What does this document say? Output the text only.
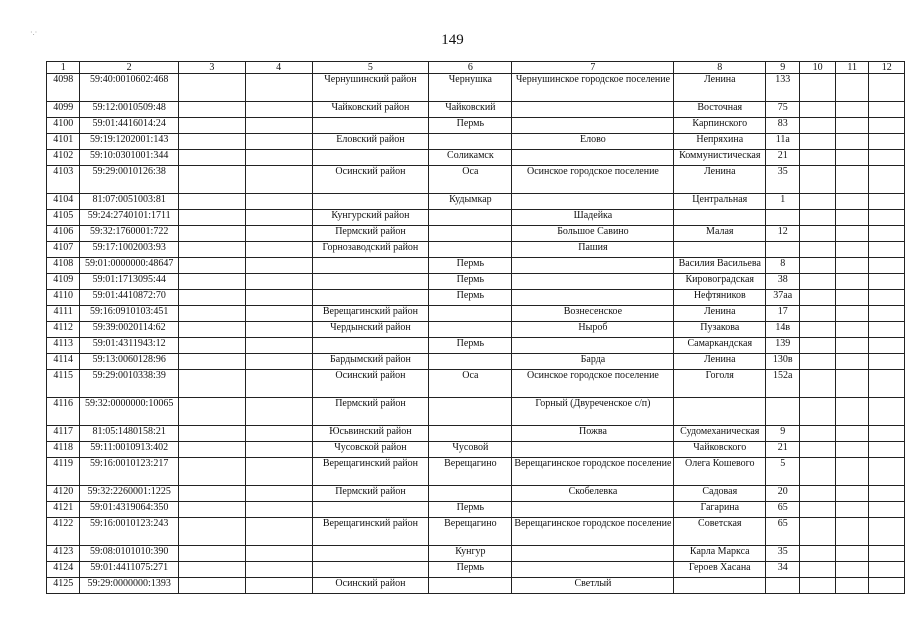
·.·	149
1	2	3	4	5	6	7	8	9	10	11	12
4098	59:40:0010602:468			Чернушинский район	Чернушка	Чернушинское городское поселение	Ленина	133			
4099	59:12:0010509:48			Чайковский район	Чайковский		Восточная	75			
4100	59:01:4416014:24				Пермь		Карпинского	83			
4101	59:19:1202001:143			Еловский район		Елово	Непряхина	11а			
4102	59:10:0301001:344				Соликамск		Коммунистическая	21			
4103	59:29:0010126:38			Осинский район	Оса	Осинское городское поселение	Ленина	35			
4104	81:07:0051003:81				Кудымкар		Центральная	1			
4105	59:24:2740101:1711			Кунгурский район		Шадейка					
4106	59:32:1760001:722			Пермский район		Большое Савино	Малая	12			
4107	59:17:1002003:93			Горнозаводский район		Пашия					
4108	59:01:0000000:48647				Пермь		Василия Васильева	8			
4109	59:01:1713095:44				Пермь		Кировоградская	38			
4110	59:01:4410872:70				Пермь		Нефтяников	37аа			
4111	59:16:0910103:451			Верещагинский район		Вознесенское	Ленина	17			
4112	59:39:0020114:62			Чердынский район		Ныроб	Пузакова	14в			
4113	59:01:4311943:12				Пермь		Самаркандская	139			
4114	59:13:0060128:96			Бардымский район		Барда	Ленина	130в			
4115	59:29:0010338:39			Осинский район	Оса	Осинское городское поселение	Гоголя	152а			
4116	59:32:0000000:10065			Пермский район		Горный (Двуреченское с/п)					
4117	81:05:1480158:21			Юсьвинский район		Пожва	Судомеханическая	9			
4118	59:11:0010913:402			Чусовской район	Чусовой		Чайковского	21			
4119	59:16:0010123:217			Верещагинский район	Верещагино	Верещагинское городское поселение	Олега Кошевого	5			
4120	59:32:2260001:1225			Пермский район		Скобелевка	Садовая	20			
4121	59:01:4319064:350				Пермь		Гагарина	65			
4122	59:16:0010123:243			Верещагинский район	Верещагино	Верещагинское городское поселение	Советская	65			
4123	59:08:0101010:390				Кунгур		Карла Маркса	35			
4124	59:01:4411075:271				Пермь		Героев Хасана	34			
4125	59:29:0000000:1393			Осинский район		Светлый					
